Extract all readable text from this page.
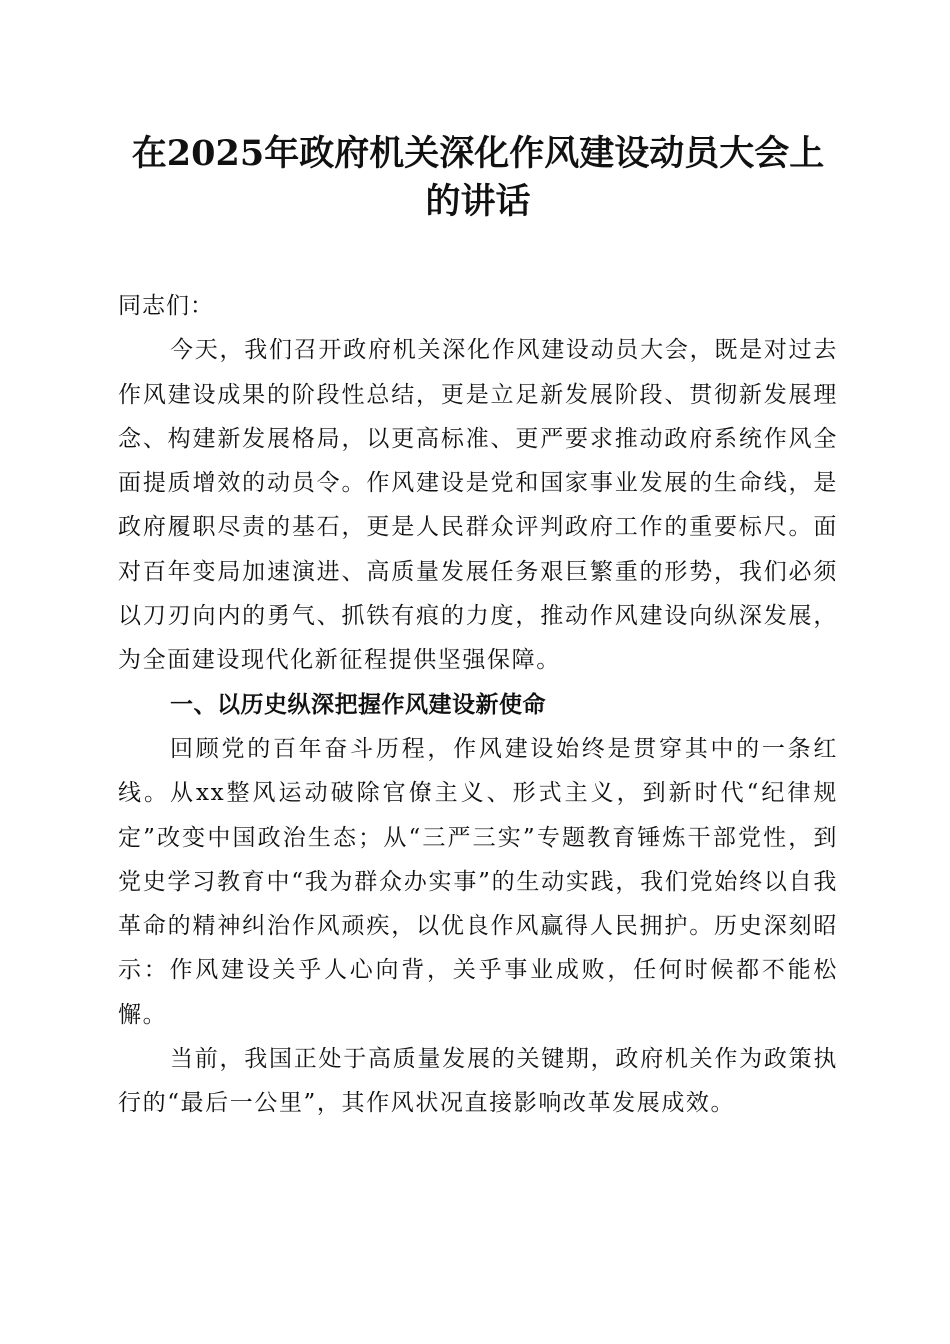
在2025年政府机关深化作风建设动员大会上
的讲话

同志们：

今天，我们召开政府机关深化作风建设动员大会，既是对过去作风建设成果的阶段性总结，更是立足新发展阶段、贯彻新发展理念、构建新发展格局，以更高标准、更严要求推动政府系统作风全面提质增效的动员令。作风建设是党和国家事业发展的生命线，是政府履职尽责的基石，更是人民群众评判政府工作的重要标尺。面对百年变局加速演进、高质量发展任务艰巨繁重的形势，我们必须以刀刃向内的勇气、抓铁有痕的力度，推动作风建设向纵深发展，为全面建设现代化新征程提供坚强保障。

一、以历史纵深把握作风建设新使命

回顾党的百年奋斗历程，作风建设始终是贯穿其中的一条红线。从xx整风运动破除官僚主义、形式主义，到新时代“纪律规定”改变中国政治生态；从“三严三实”专题教育锤炼干部党性，到党史学习教育中“我为群众办实事”的生动实践，我们党始终以自我革命的精神纠治作风顽疾，以优良作风赢得人民拥护。历史深刻昭示：作风建设关乎人心向背，关乎事业成败，任何时候都不能松懈。

当前，我国正处于高质量发展的关键期，政府机关作为政策执行的“最后一公里”，其作风状况直接影响改革发展成效。
